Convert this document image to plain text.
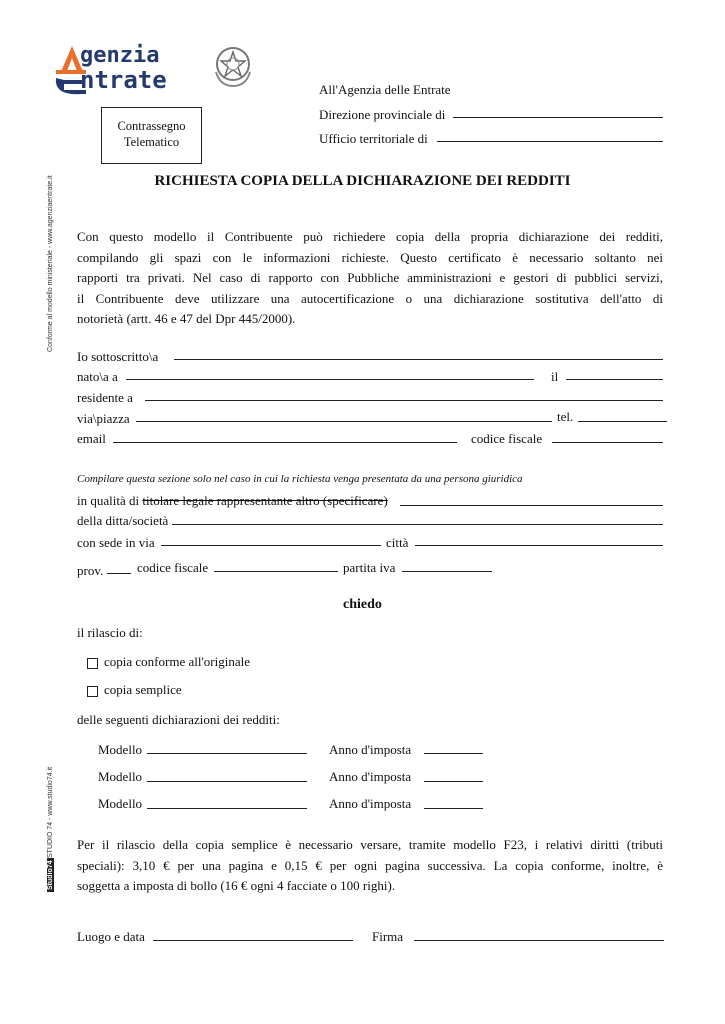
genzia
ntrate
Contrassegno
Telematico
All'Agenzia delle Entrate
Direzione provinciale di
Ufficio territoriale di
RICHIESTA COPIA DELLA DICHIARAZIONE DEI REDDITI
Conforme al modello ministeriale - www.agenziaentrate.it
STUDIO 74 - www.studio74.it
Studio74
Con questo modello il Contribuente può richiedere copia della propria dichiarazione dei redditi,
compilando gli spazi con le informazioni richieste. Questo certificato è necessario soltanto nei
rapporti tra privati. Nel caso di rapporto con Pubbliche amministrazioni e gestori di pubblici servizi,
il Contribuente deve utilizzare una autocertificazione o una dichiarazione sostitutiva dell'atto di
notorietà (artt. 46 e 47 del Dpr 445/2000).
Io sottoscritto\a
nato\a a	il
residente a
via\piazza	tel.
email	codice fiscale
Compilare questa sezione solo nel caso in cui la richiesta venga presentata da una persona giuridica
in qualità di titolare legale rappresentante altro (specificare)
della ditta/società
con sede in via	città
prov.	codice fiscale	partita iva
chiedo
il rilascio di:
copia conforme all'originale
copia semplice
delle seguenti dichiarazioni dei redditi:
Modello	Anno d'imposta
Modello	Anno d'imposta
Modello	Anno d'imposta
Per il rilascio della copia semplice è necessario versare, tramite modello F23, i relativi diritti (tributi
speciali): 3,10 € per una pagina e 0,15 € per ogni pagina successiva. La copia conforme, inoltre, è
soggetta a imposta di bollo (16 € ogni 4 facciate o 100 righi).
Luogo e data	Firma
